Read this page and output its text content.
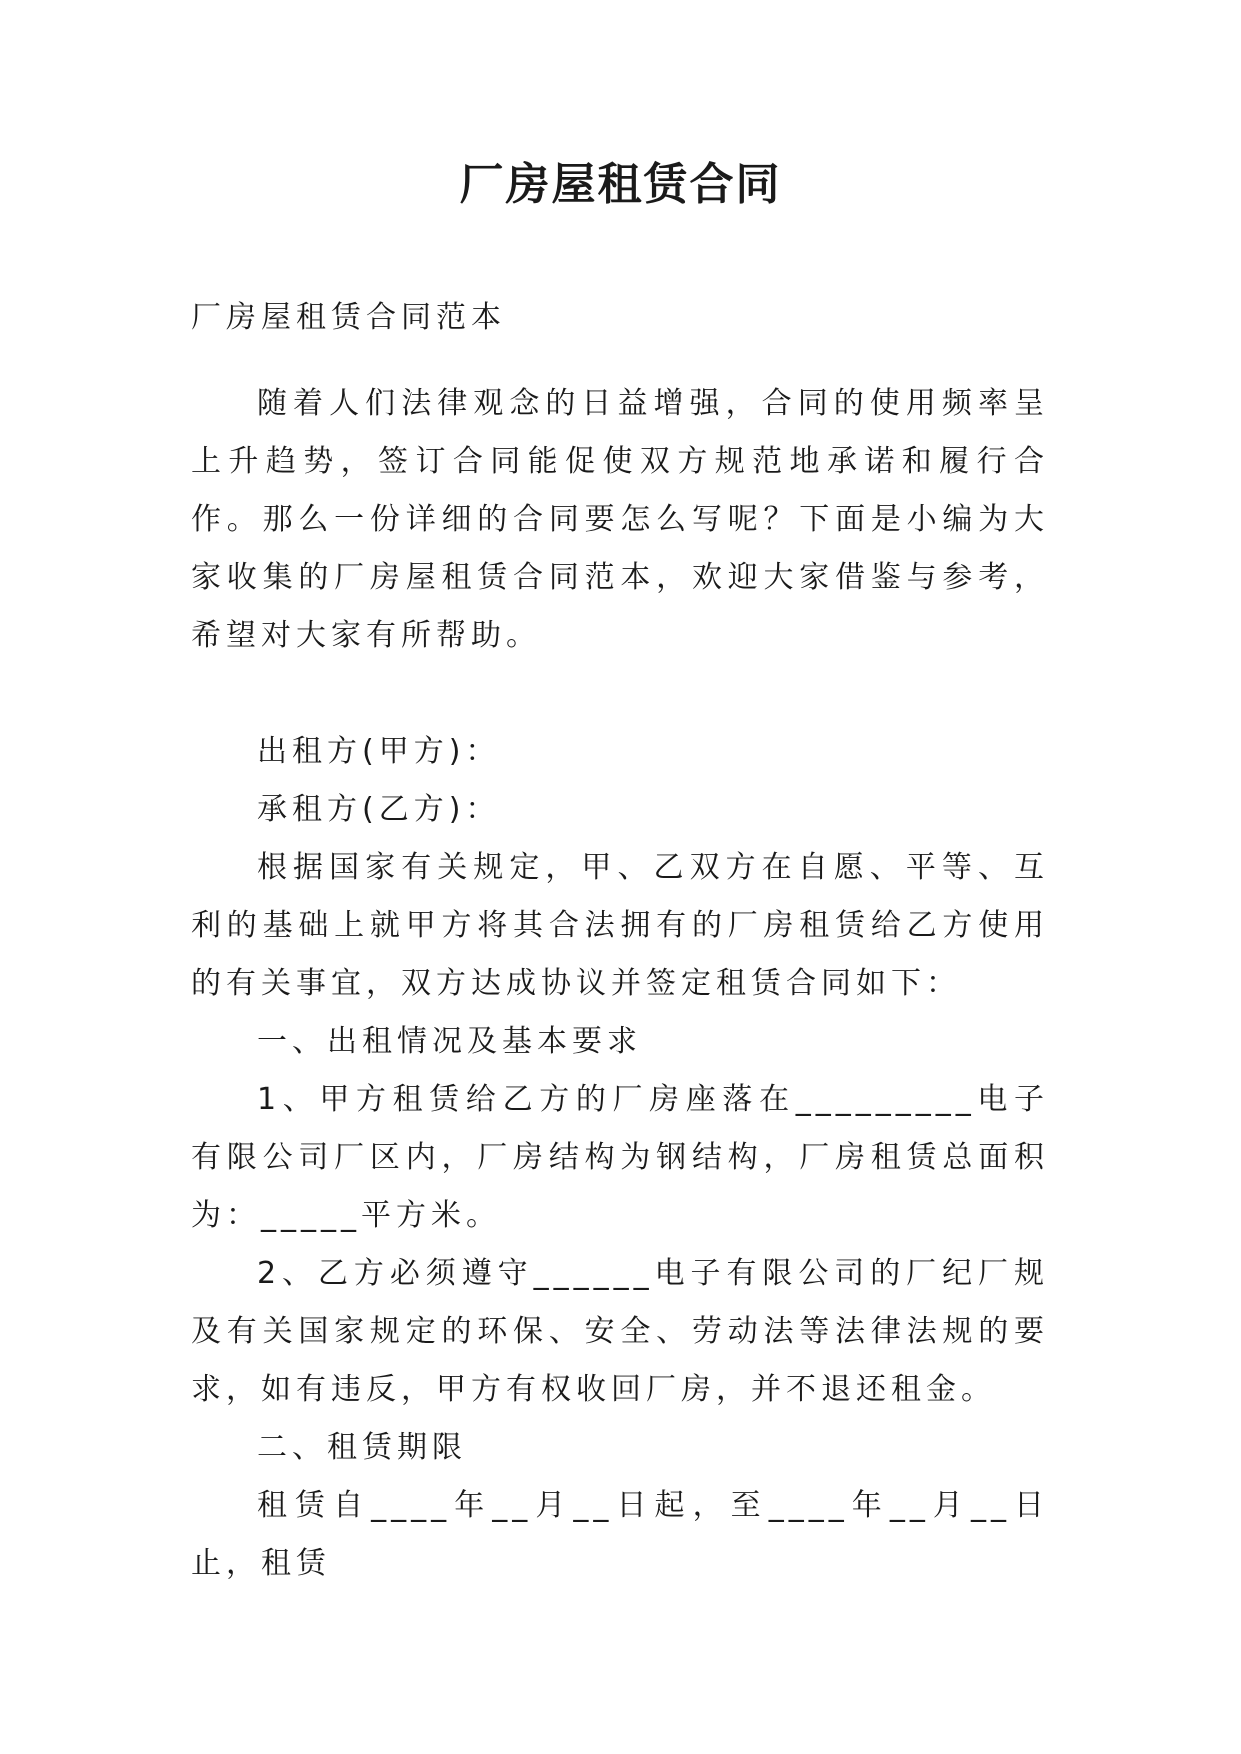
厂房屋租赁合同

厂房屋租赁合同范本

随着人们法律观念的日益增强，合同的使用频率呈上升趋势，签订合同能促使双方规范地承诺和履行合作。那么一份详细的合同要怎么写呢？下面是小编为大家收集的厂房屋租赁合同范本，欢迎大家借鉴与参考，希望对大家有所帮助。

出租方(甲方)：

承租方(乙方)：

根据国家有关规定，甲、乙双方在自愿、平等、互利的基础上就甲方将其合法拥有的厂房租赁给乙方使用的有关事宜，双方达成协议并签定租赁合同如下：

一、出租情况及基本要求

1、甲方租赁给乙方的厂房座落在_________电子有限公司厂区内，厂房结构为钢结构，厂房租赁总面积为：_____平方米。

2、乙方必须遵守______电子有限公司的厂纪厂规及有关国家规定的环保、安全、劳动法等法律法规的要求，如有违反，甲方有权收回厂房，并不退还租金。

二、租赁期限

租赁自____年__月__日起，至____年__月__日止，租赁
